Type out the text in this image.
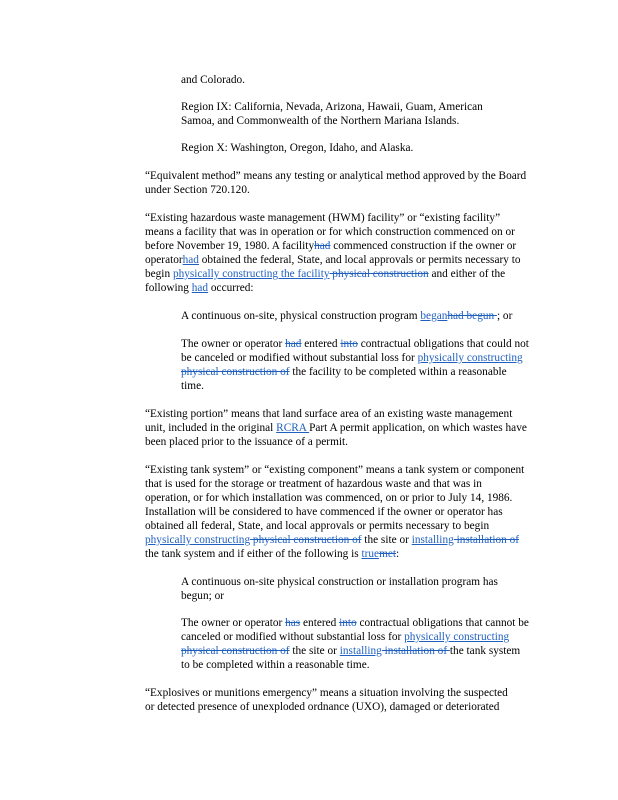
and Colorado.
Region IX: California, Nevada, Arizona, Hawaii, Guam, American
Samoa, and Commonwealth of the Northern Mariana Islands.
Region X: Washington, Oregon, Idaho, and Alaska.
“Equivalent method” means any testing or analytical method approved by the Board
under Section 720.120.
“Existing hazardous waste management (HWM) facility” or “existing facility”
means a facility that was in operation or for which construction commenced on or
before November 19, 1980. A facilityhad commenced construction if the owner or
operatorhad obtained the federal, State, and local approvals or permits necessary to
begin physically constructing the facility physical construction and either of the
following had occurred:
A continuous on-site, physical construction program beganhad begun ; or
The owner or operator had entered into contractual obligations that could not
be canceled or modified without substantial loss for physically constructing
physical construction of the facility to be completed within a reasonable
time.
“Existing portion” means that land surface area of an existing waste management
unit, included in the original RCRA Part A permit application, on which wastes have
been placed prior to the issuance of a permit.
“Existing tank system” or “existing component” means a tank system or component
that is used for the storage or treatment of hazardous waste and that was in
operation, or for which installation was commenced, on or prior to July 14, 1986.
Installation will be considered to have commenced if the owner or operator has
obtained all federal, State, and local approvals or permits necessary to begin
physically constructing physical construction of the site or installing installation of
the tank system and if either of the following is truemet:
A continuous on-site physical construction or installation program has
begun; or
The owner or operator has entered into contractual obligations that cannot be
canceled or modified without substantial loss for physically constructing
physical construction of the site or installing installation of the tank system
to be completed within a reasonable time.
“Explosives or munitions emergency” means a situation involving the suspected
or detected presence of unexploded ordnance (UXO), damaged or deteriorated
